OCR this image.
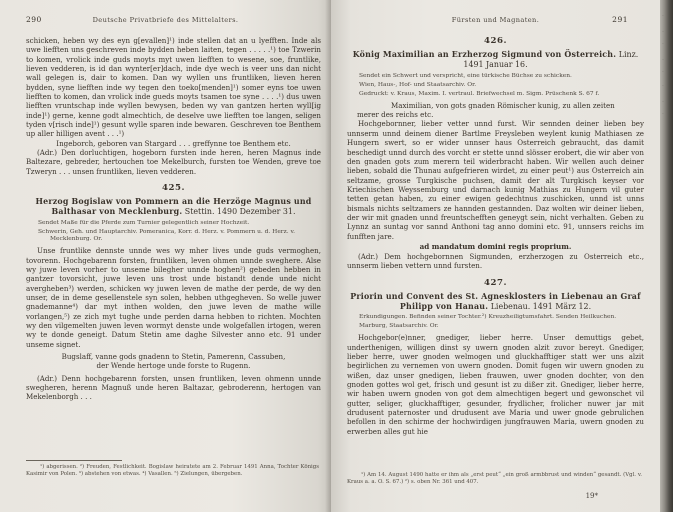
290	Deutsche Privatbriefe des Mittelalters.

schicken, heben wy des eyn g[evallen]¹) inde stellen dat an u lyefften. Inde als uwe liefften uns geschreven inde bydden heben laiten, tegen . . . . .¹) toe Tzwerin to komen, vrolick inde guds moyts myt uwen liefften to wesene, soe, fruntlike, lieven vedderen, is id dan wynter[er]dach, inde dye wech is veer uns dan nicht wall gelegen is, dair to komen. Dan wy wyllen uns fruntliken, lieven heren bydden, syne liefften inde wy tegen den toeko[menden]¹) somer eyns toe uwen liefften to komen, dan vrolick inde gueds moyts tsamen toe syne . . . .¹) dus uwen liefften vruntschap inde wyllen bewysen, beden wy van gantzen herten wyll[ig inde]¹) gerne, kenne godt almechtich, de deselve uwe liefften toe langen, seligen tyden v[risch inde]¹) gesunt wylle sparen inde bewaren. Geschreven toe Benthem up aller hilligen avent . . .¹)

Ingeborch, geboren van Stargard . . . greffynne toe Benthem etc.

(Adr.) Den dorluchtigen, hogeborn fursten inde heren, heren Magnus inde Baltezare, gebreder, hertouchen toe Mekelburch, fursten toe Wenden, greve toe Tzweryn . . . unsen fruntliken, lieven vedderen.

425.

Herzog Bogislaw von Pommern an die Herzöge Magnus und Balthasar von Mecklenburg. Stettin. 1490 Dezember 31.

Sendet Maße für die Pferde zum Turnier gelegentlich seiner Hochzeit.

Schwerin, Geh. und Hauptarchiv. Pomeranica, Korr. d. Herz. v. Pommern u. d. Herz. v. Mecklenburg. Or.

Unse fruntlike dennste unnde wes wy mher lives unde guds vermoghen, tovorenn. Hochgebarenn forsten, fruntliken, leven ohmen unnde sweghere. Alse wy juwe leven vorher to unseme bilegher unnde hoghen²) gebeden hebben in gantzer tovorsicht, juwe leven uns trost unde bistandt dende unde nicht avergheben³) werden, schicken wy juwen leven de mathe der perde, de wy den unser, de in deme gesellenstele syn solen, hebben uthgegheven. So welle juwer gnademanne⁴) dar myt inthen wolden, den juwe leven de mathe wille vorlangen,⁵) ze zich myt tughe unde perden darna hebben to richten. Mochten wy den vilgemelten juwen leven wormyt denste unde wolgefallen irtogen, weren wy te donde geneigt. Datum Stetin ame daghe Silvester anno etc. 91 under unseme signet.

Bugslaff, vanne gods gnadenn to Stetin, Pamerenn, Cassuben,

der Wende hertoge unde forste to Rugenn.

(Adr.) Denn hochgebarenn forsten, unsen fruntliken, leven ohmenn unnde swegheren, herenn Magnuß unde heren Baltazar, gebroderenn, hertogen van Mekelenborgh . . .

¹) abgerissen. ²) Freuden, Festlichkeit. Bogislaw heiratete am 2. Februar 1491 Anna, Tochter Königs Kasimir von Polen. ³) abstehen von etwas. ⁴) Vasallen. ⁵) Zielungen, übergeben.

Fürsten und Magnaten.	291

426.

König Maximilian an Erzherzog Sigmund von Österreich. Linz. 1491 Januar 16.

Sendet ein Schwert und verspricht, eine türkische Büchse zu schicken.

Wien, Haus-, Hof- und Staatsarchiv. Or.

Gedruckt: v. Kraus, Maxim. I. vertraul. Briefwechsel m. Sigm. Prüschenk S. 67 f.

Maximilian, von gots gnaden Römischer kunig, zu allen zeiten merer des reichs etc.

Hochgebornner, lieber vetter unnd furst. Wir sennden deiner lieben bey unnserm unnd deinem diener Bartlme Freysleben weylent kunig Mathiasen ze Hungern swert, so er wider unnser haus Osterreich gebraucht, das damit beschedigt unnd durch des vorcht er stette unnd slösser erobert, die wir aber von den gnaden gots zum merern teil widerbracht haben. Wir wellen auch deiner lieben, sobald die Thunau aufgefrieren wirdet, zu einer peut¹) aus Osterreich ain seltzame, grosse Turgkische puchsen, damit der alt Turgkisch keyser vor Kriechischen Weyssemburg und darnach kunig Mathias zu Hungern vil guter tetten getan haben, zu einer ewigen gedechtnus zuschicken, unnd ist unns bismals nichts seltzamers ze hannden gestannden. Daz wolten wir deiner lieben, der wir mit gnaden unnd freuntschefften geneygt sein, nicht verhalten. Geben zu Lynnz an suntag vor sannd Anthoni tag anno domini etc. 91, unnsers reichs im funfften jare.

ad mandatum domini regis proprium.

(Adr.) Dem hochgebornnen Sigmunden, erzherzogen zu Osterreich etc., unnserm lieben vettern unnd fursten.

427.

Priorin und Convent des St. Agnesklosters in Liebenau an Graf Philipp von Hanau. Liebenau. 1491 März 12.

Erkundigungen. Befinden seiner Tochter.²) Kreuzheiligtumsfahrt. Senden Heilkuchen.

Marburg, Staatsarchiv. Or.

Hochgebor(e)nner, gnediger, lieber herre. Unser demuttigs gebet, underthenigen, willigen dinst sy uwern gnoden alzit zuvor bereyt. Gnediger, lieber herre, uwer gnoden welmogen und gluckhafftiger statt wer uns alzit begirlichen zu vernemen von uwern gnoden. Domit fugen wir uwern gnoden zu wißen, daz unser gnedigen, lieben frauwen, uwer gnoden dochter, von den gnoden gottes wol get, frisch und gesunt ist zu dißer zit. Gnediger, lieber herre, wir haben uwern gnoden von got dem almechtigen begert und gewonschet vil gutter, seliger, gluckhafftiger, gesunder, frydlicher, frolicher nuwer jar mit drudusent paternoster und drudusent ave Maria und uwer gnode gebrulichen befollen in den schirme der hochwirdigen jungfrauwen Maria, uwern gnoden zu erwerben alles gut hie

¹) Am 14. August 1490 hatte er ihm als „erst peut“ „ein groß armbbrust und winden“ gesandt. (Vgl. v. Kraus a. a. O. S. 67.) ²) s. oben Nr. 361 und 407.

19*
·
․
·
․
·
·
․
·
